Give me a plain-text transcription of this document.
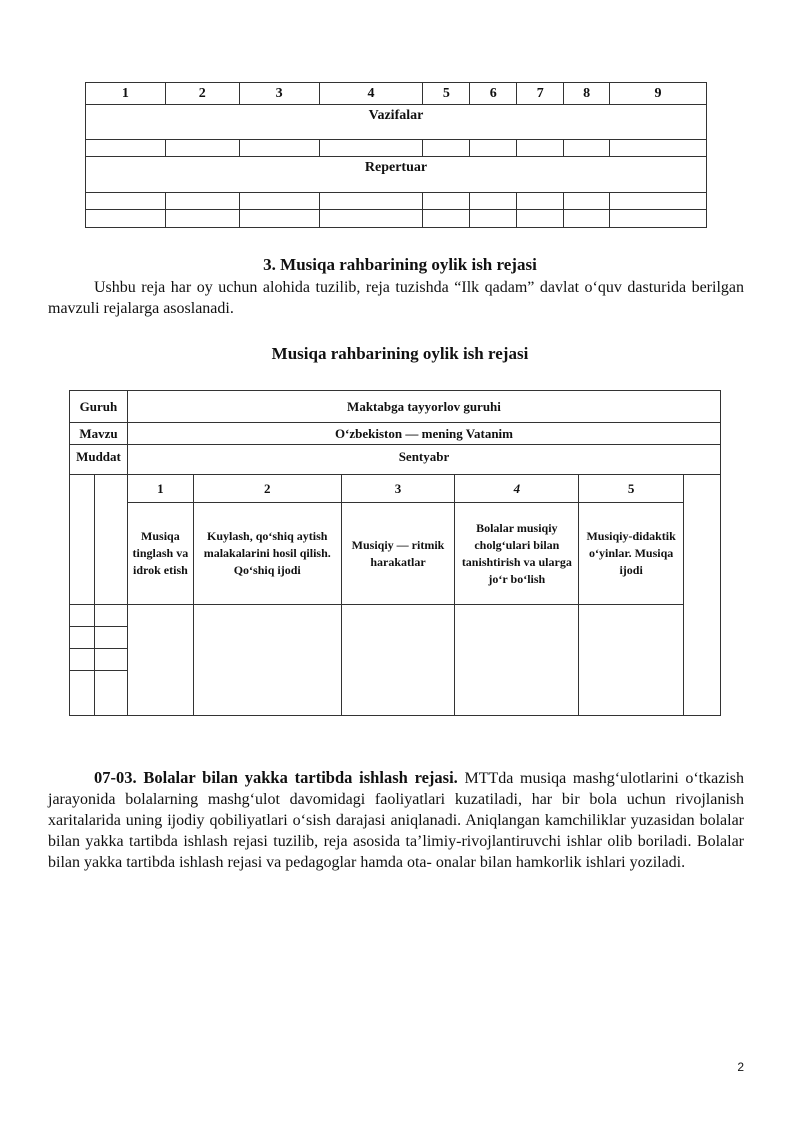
1	2	3	4	5	6	7	8	9
Vazifalar								

Repertuar								

3. Musiqa rahbarining oylik ish rejasi

Ushbu reja har oy uchun alohida tuzilib, reja tuzishda “Ilk qadam” davlat o‘quv dasturida berilgan mavzuli rejalarga asoslanadi.

Musiqa rahbarining oylik ish rejasi
Guruh		Maktabga tayyorlov guruhi					
Mavzu		O‘zbekiston — mening Vatanim					
Muddat		Sentyabr					
		1	2	3	4	5	
		Musiqa tinglash va idrok etish	Kuylash, qo‘shiq aytish malakalarini hosil qilish. Qo‘shiq ijodi	Musiqiy — ritmik harakatlar	Bolalar musiqiy cholg‘ulari bilan tanishtirish va ularga jo‘r bo‘lish	Musiqiy-didaktik o‘yinlar. Musiqa ijodi	

07-03. Bolalar bilan yakka tartibda ishlash rejasi. MTTda musiqa mashg‘ulotlarini o‘tkazish jarayonida bolalarning mashg‘ulot davomidagi faoliyatlari kuzatiladi, har bir bola uchun rivojlanish xaritalarida uning ijodiy qobiliyatlari o‘sish darajasi aniqlanadi. Aniqlangan kamchiliklar yuzasidan bolalar bilan yakka tartibda ishlash rejasi tuzilib, reja asosida ta’limiy-rivojlantiruvchi ishlar olib boriladi. Bolalar bilan yakka tartibda ishlash rejasi va pedagoglar hamda ota- onalar bilan hamkorlik ishlari yoziladi.

2
